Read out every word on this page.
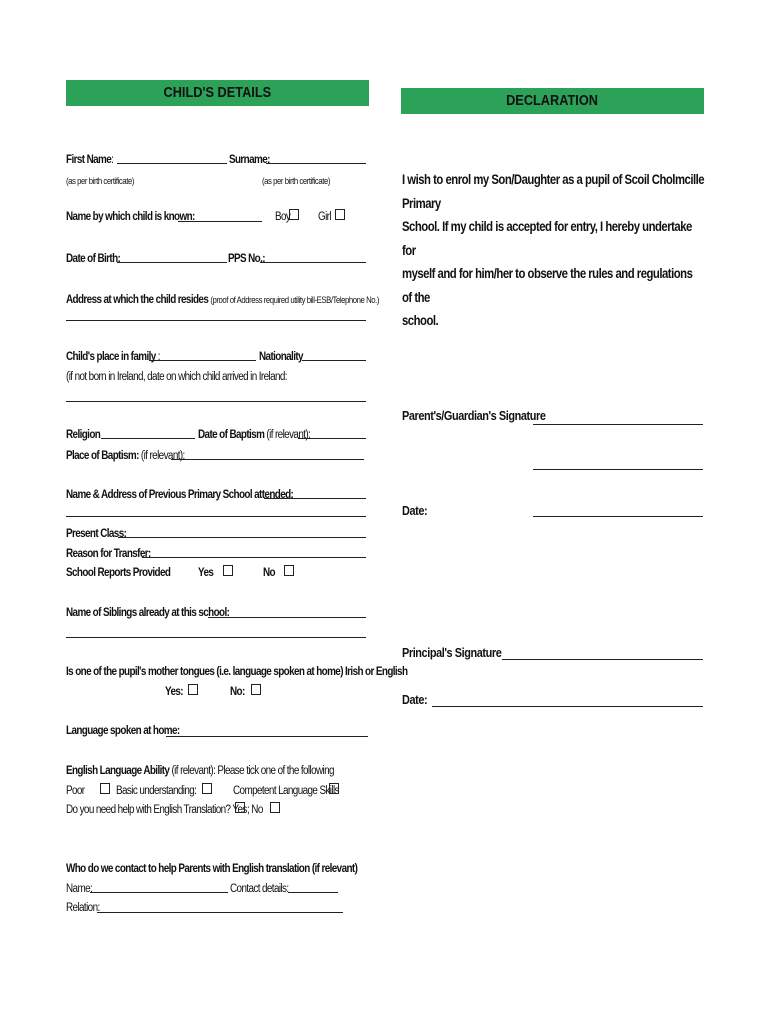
CHILD'S DETAILS
First Name:	Surname:
(as per birth certificate)	(as per birth certificate)
Name by which child is known:	Boy Girl
Date of Birth:	PPS No.:
Address at which the child resides (proof of Address required utility bill-ESB/Telephone No.)
Child's place in family :	Nationality
(if not born in Ireland, date on which child arrived in Ireland:
Religion	Date of Baptism (if relevant):
Place of Baptism: (if relevant):
Name & Address of Previous Primary School attended:
Present Class:
Reason for Transfer:
School Reports Provided	Yes	No
Name of Siblings already at this school:
Is one of the pupil's mother tongues (i.e. language spoken at home) Irish or English
Yes:	No:
Language spoken at home:
English Language Ability (if relevant): Please tick one of the following
Poor	Basic understanding:	Competent Language Skills
Do you need help with English Translation? Yes ; No
Who do we contact to help Parents with English translation (if relevant)
Name:	Contact details:
Relation:
DECLARATION
I wish to enrol my Son/Daughter as a pupil of Scoil Cholmcille Primary
School. If my child is accepted for entry, I hereby undertake for
myself and for him/her to observe the rules and regulations of the
school.
Parent's/Guardian's Signature
Date:
Principal's Signature
Date:
